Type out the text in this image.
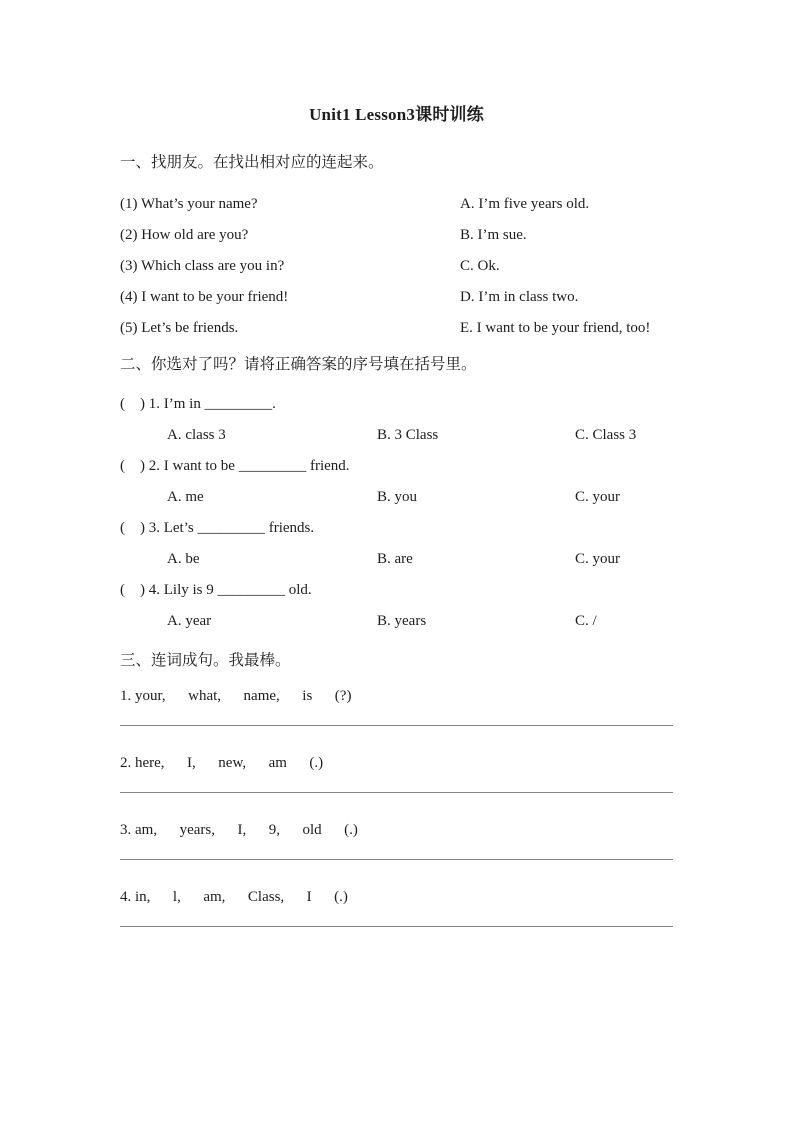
Unit1 Lesson3课时训练
一、找朋友。在找出相对应的连起来。
(1) What’s your name?	A. I’m five years old.
(2) How old are you?	B. I’m sue.
(3) Which class are you in?	C. Ok.
(4) I want to be your friend!	D. I’m in class two.
(5) Let’s be friends.	E. I want to be your friend, too!
二、你选对了吗？请将正确答案的序号填在括号里。
(　) 1. I’m in _________.
A. class 3	B. 3 Class	C. Class 3
(　) 2. I want to be _________ friend.
A. me	B. you	C. your
(　) 3. Let’s _________ friends.
A. be	B. are	C. your
(　) 4. Lily is 9 _________ old.
A. year	B. years	C. /
三、连词成句。我最棒。
1. your,      what,      name,      is      (?)
2. here,      I,      new,      am      (.)
3. am,      years,      I,      9,      old      (.)
4. in,      l,      am,      Class,      I      (.)
